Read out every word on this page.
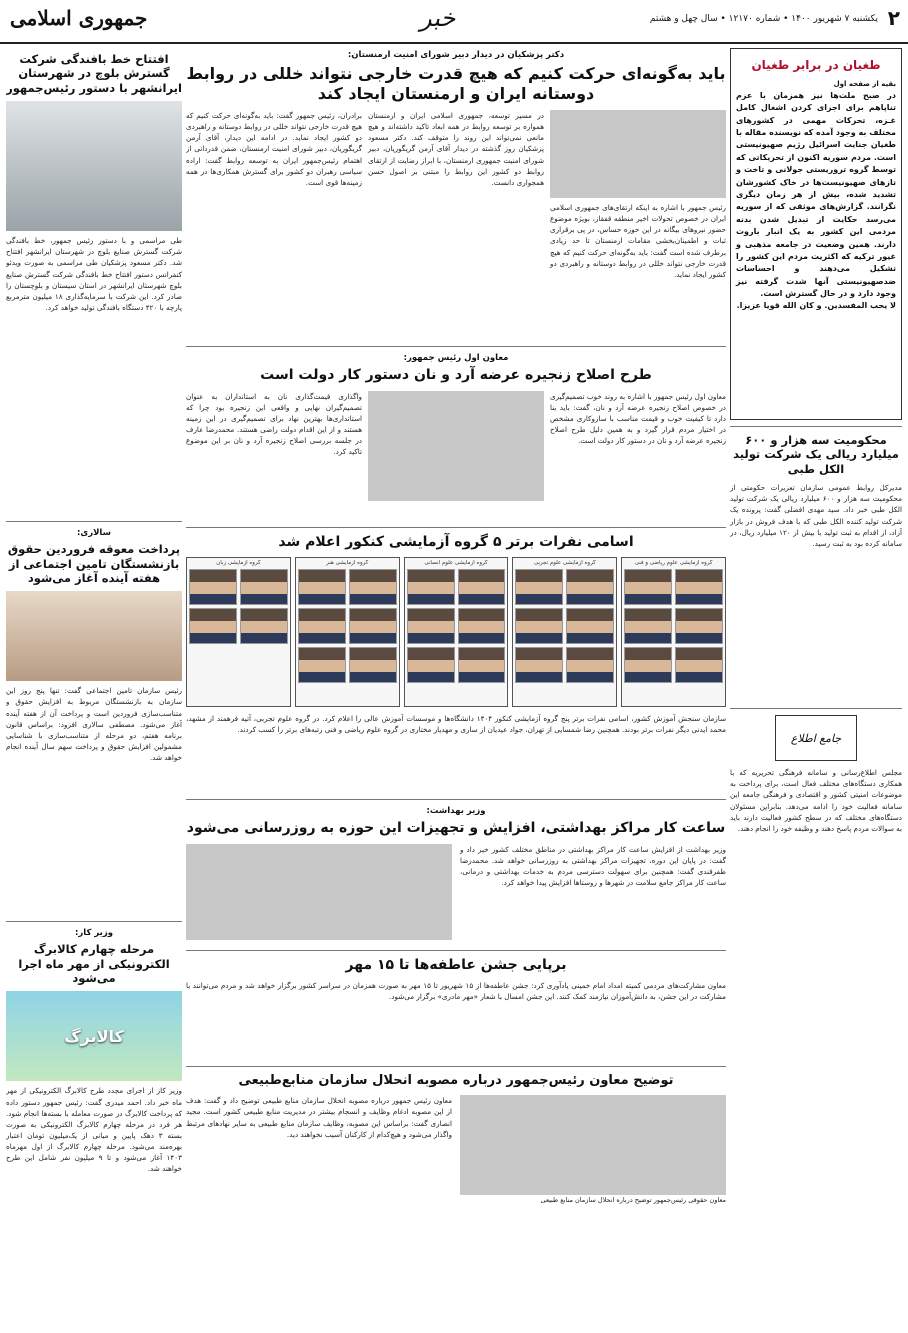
۲
یکشنبه ۷ شهریور ۱۴۰۰ • شماره ۱۲۱۷۰ • سال چهل و هشتم
خبر
جمهوری اسلامی
طغیان در برابر طغیان
بقیه از صفحه اول
در صبح ملت‌ها نیز همزمان با عزم تناپاهم برای اجرای کردن اشغال کامل غـزه، تحرکات مهمی در کشورهای مختلف به وجود آمده که نویسنده مقاله با طغیان جنایت اسرائیل رژیم صهیونیستی است. مردم سوریه اکنون از تحریکاتی که توسط گروه تروریستی جولانی و تاخت و تازهای صهیونیست‌ها در خاک کشورشان تشدید شده، بیش از هر زمان دیگری نگرانند. گزارش‌های موثقی که از سوریه می‌رسد حکایت از تبدیل شدن بدنه مردمی این کشور به یک انبار باروت دارند. همین وضعیت در جامعه مذهبی و غیور ترکیه که اکثریت مردم این کشور را تشکیل می‌دهند و احساسات ضدصهیونیستی آنها شدت گرفته نیز وجود دارد و در حال گسترش است.
لا یحب المفسدین. و کان الله قویا عزیزا.
محکومیت سه هزار و ۶۰۰ میلیارد ریالی یک شرکت تولید الکل طبی
مدیرکل روابط عمومی سازمان تعزیرات حکومتی از محکومیت سه هزار و ۶۰۰ میلیارد ریالی یک شرکت تولید الکل طبی خبر داد. سید مهدی افضلی گفت: پرونده یک شرکت تولید کننده الکل طبی که با هدف فروش در بازار آزاد، از اقدام به ثبت تولید با بیش از ۱۲۰ میلیارد ریال، در سامانه کرده بود به ثبت رسید.
جامع اطلاع
مجلس اطلاع‌رسانی و سامانه فرهنگی تحریریه که با همکاری دستگاه‌های مختلف فعال است، برای پرداخت به موضوعات امنیتی کشور و اقتصادی و فرهنگی جامعه این سامانه فعالیت خود را ادامه می‌دهد. بنابراین مسئولان دستگاه‌های مختلف که در سطح کشور فعالیت دارند باید به سوالات مردم پاسخ دهند و وظیفه خود را انجام دهند.
دکتر پزشکیان در دیدار دبیر شورای امنیت ارمنستان:
باید به‌گونه‌ای حرکت کنیم که هیچ قدرت خارجی نتواند خللی در روابط دوستانه ایران و ارمنستان ایجاد کند
رئیس جمهور با اشاره به اینکه ارتقای‌های جمهوری اسلامی ایران در خصوص تحولات اخیر منطقه قفقاز، بویژه موضوع حضور نیروهای بیگانه در این حوزه حساس، در پی برقراری ثبات و اطمینان‌بخشی مقامات ارمنستان تا حد زیادی برطرف شده است گفت: باید به‌گونه‌ای حرکت کنیم که هیچ قدرت خارجی نتواند خللی در روابط دوستانه و راهبردی دو کشور ایجاد نماید.
در مسیر توسعه، جمهوری اسلامی ایران و ارمنستان همواره بر توسعه روابط در همه ابعاد تاکید داشته‌اند و هیچ مانعی نمی‌تواند این روند را متوقف کند. دکتر مسعود پزشکیان روز گذشته در دیدار آقای آرمن گریگوریان، دبیر شورای امنیت جمهوری ارمنستان، با ابراز رضایت از ارتقای روابط دو کشور این روابط را مبتنی بر اصول حسن همجواری دانست.
برادران، رئیس جمهور گفت: باید به‌گونه‌ای حرکت کنیم که هیچ قدرت خارجی نتواند خللی در روابط دوستانه و راهبردی دو کشور ایجاد نماید. در ادامه این دیدار، آقای آرمن گریگوریان، دبیر شورای امنیت ارمنستان، ضمن قدردانی از اهتمام رئیس‌جمهور ایران به توسعه روابط گفت: اراده سیاسی رهبران دو کشور برای گسترش همکاری‌ها در همه زمینه‌ها قوی است.
معاون اول رئیس جمهور:
طرح اصلاح زنجیره عرضه آرد و نان دستور کار دولت است
معاون اول رئیس جمهور با اشاره به روند خوب تصمیم‌گیری در خصوص اصلاح زنجیره عرضه آرد و نان، گفت: باید بنا دارد تا کیفیت خوب و قیمت مناسب با سازوکاری مشخص در اختیار مردم قرار گیرد و به همین دلیل طرح اصلاح زنجیره عرضه آرد و نان در دستور کار دولت است.
واگذاری قیمت‌گذاری نان به استانداران به عنوان تصمیم‌گیران نهایی و واقعی این زنجیره بود چرا که استانداری‌ها بهترین نهاد برای تصمیم‌گیری در این زمینه هستند و از این اقدام دولت راضی هستند. محمدرضا عارف در جلسه بررسی اصلاح زنجیره آرد و نان بر این موضوع تاکید کرد.
اسامی نفرات برتر ۵ گروه آزمایشی کنکور اعلام شد
گروه آزمایشی علوم ریاضی و فنی
گروه آزمایشی علوم تجربی
گروه آزمایشی علوم انسانی
گروه آزمایشی هنر
گروه آزمایشی زبان
سازمان سنجش آموزش کشور، اسامی نفرات برتر پنج گروه آزمایشی کنکور ۱۴۰۴ دانشگاه‌ها و موسسات آموزش عالی را اعلام کرد. در گروه علوم تجربی، آتیه فرهمند از مشهد، محمد ایدنی دیگر نفرات برتر بودند. همچنین رضا شمسایی از تهران، جواد عیدیان از ساری و مهدیار مختاری در گروه علوم ریاضی و فنی رتبه‌های برتر را کسب کردند.
وزیر بهداشت:
ساعت کار مراکز بهداشتی، افزایش و تجهیزات این حوزه به روزرسانی می‌شود
وزیر بهداشت از افزایش ساعت کار مراکز بهداشتی در مناطق مختلف کشور خبر داد و گفت: در پایان این دوره، تجهیزات مراکز بهداشتی به روزرسانی خواهد شد. محمدرضا ظفرقندی گفت: همچنین برای سهولت دسترسی مردم به خدمات بهداشتی و درمانی، ساعت کار مراکز جامع سلامت در شهرها و روستاها افزایش پیدا خواهد کرد.
برپایی جشن عاطفه‌ها تا ۱۵ مهر
معاون مشارکت‌های مردمی کمیته امداد امام خمینی یادآوری کرد: جشن عاطفه‌ها از ۱۵ شهریور تا ۱۵ مهر به صورت همزمان در سراسر کشور برگزار خواهد شد و مردم می‌توانند با مشارکت در این جشن، به دانش‌آموزان نیازمند کمک کنند. این جشن امسال با شعار «مهر مادری» برگزار می‌شود.
توضیح معاون رئیس‌جمهور درباره مصوبه انحلال سازمان منابع‌طبیعی
معاون حقوقی رئیس‌جمهور توضیح درباره انحلال سازمان منابع طبیعی
معاون رئیس جمهور درباره مصوبه انحلال سازمان منابع طبیعی توضیح داد و گفت: هدف از این مصوبه ادغام وظایف و انسجام بیشتر در مدیریت منابع طبیعی کشور است. مجید انصاری گفت: براساس این مصوبه، وظایف سازمان منابع طبیعی به سایر نهادهای مرتبط واگذار می‌شود و هیچ‌کدام از کارکنان آسیب نخواهند دید.
افتتاح خط بافندگی شرکت گسترش بلوچ در شهرستان ایرانشهر با دستور رئیس‌جمهور
طی مراسمی و با دستور رئیس جمهور، خط بافندگی شرکت گسترش صنایع بلوچ در شهرستان ایرانشهر افتتاح شد. دکتر مسعود پزشکیان طی مراسمی به صورت ویدئو کنفرانس دستور افتتاح خط بافندگی شرکت گسترش صنایع بلوچ شهرستان ایرانشهر در استان سیستان و بلوچستان را صادر کرد. این شرکت با سرمایه‌گذاری ۱۸ میلیون مترمربع پارچه با ۴۲۰ دستگاه بافندگی تولید خواهد کرد.
سالاری:
پرداخت معوقه فروردین حقوق بازنشستگان تامین اجتماعی از هفته آینده آغاز می‌شود
رئیس سازمان تامین اجتماعی گفت: تنها پنج روز این سازمان به بازنشستگان مربوط به افزایش حقوق و متناسب‌سازی فروردین است و پرداخت آن از هفته آینده آغاز می‌شود. مصطفی سالاری افزود: براساس قانون برنامه هفتم، دو مرحله از متناسب‌سازی با شناسایی مشمولین افزایش حقوق و پرداخت سهم سال آینده انجام خواهد شد.
وزیر کار:
مرحله چهارم کالابرگ الکترونیکی از مهر ماه اجرا می‌شود
کالابرگ
وزیر کار از اجرای مجدد طرح کالابرگ الکترونیکی از مهر ماه خبر داد. احمد میدری گفت: رئیس جمهور دستور داده که پرداخت کالابرگ در صورت معامله با بسته‌ها انجام شود. هر فرد در مرحله چهارم کالابرگ الکترونیکی به صورت بسته ۳ دهک پایین و میانی از یک‌میلیون تومان اعتبار بهره‌مند می‌شود. مرحله چهارم کالابرگ از اول مهرماه ۱۴۰۳ آغاز می‌شود و تا ۹ میلیون نفر شامل این طرح خواهند شد.
